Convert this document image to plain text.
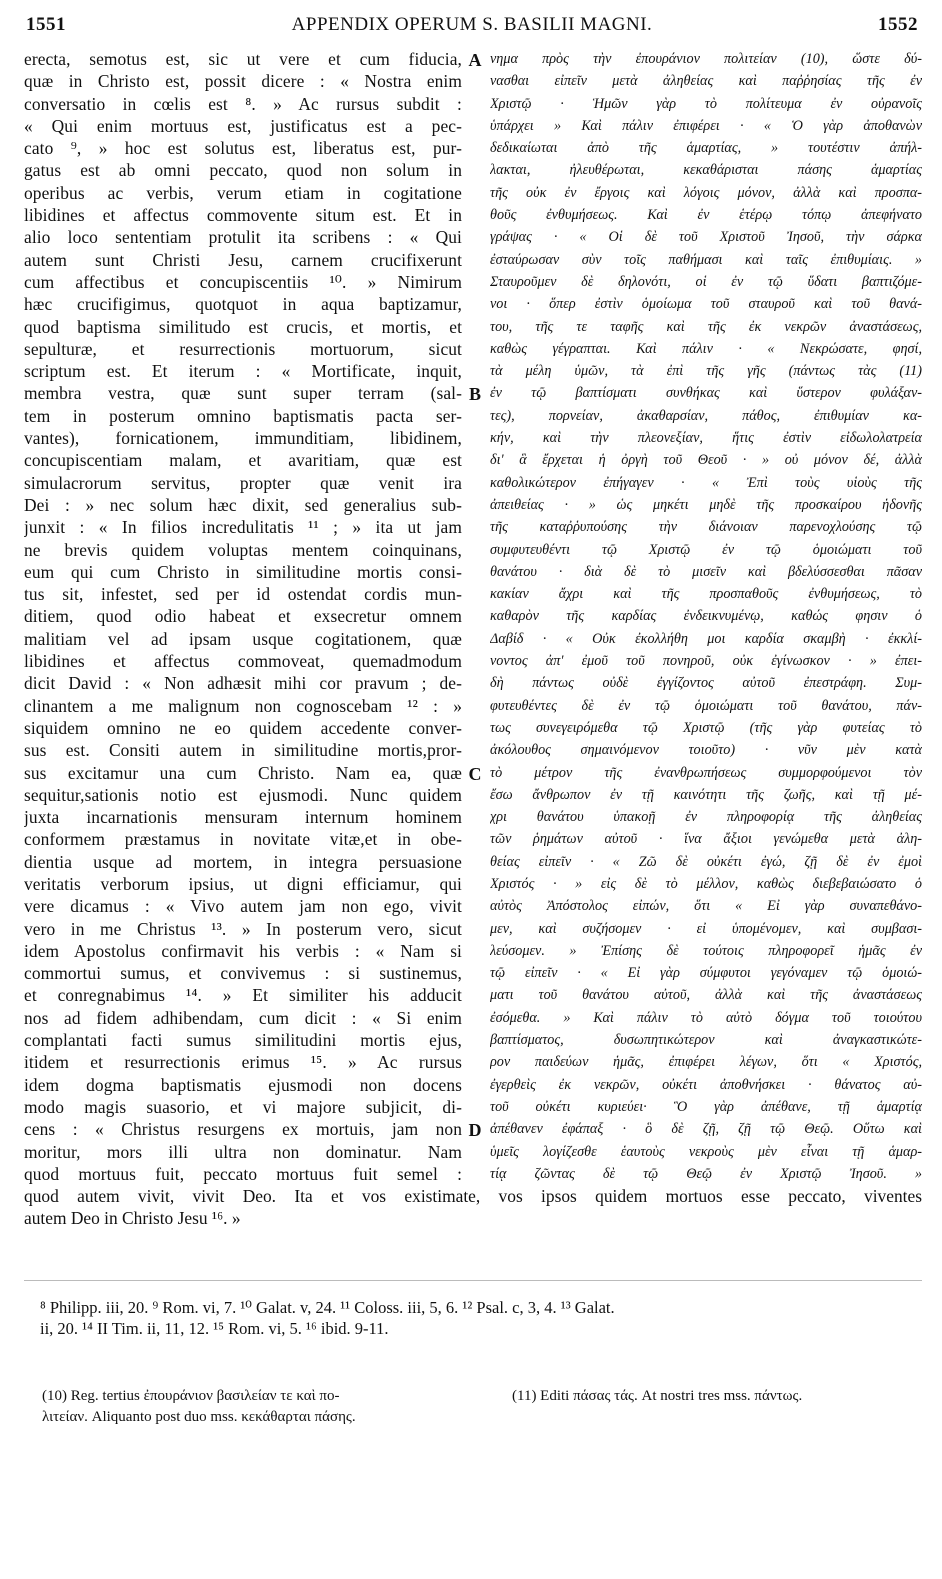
1551	APPENDIX OPERUM S. BASILII MAGNI.	1552

erecta, semotus est, sic ut vere et cum fiducia,

quæ in Christo est, possit dicere : « Nostra enim

conversatio in cœlis est ⁸. » Ac rursus subdit :

« Qui enim mortuus est, justificatus est a pec-

cato ⁹, » hoc est solutus est, liberatus est, pur-

gatus est ab omni peccato, quod non solum in

operibus ac verbis, verum etiam in cogitatione

libidines et affectus commovente situm est. Et in

alio loco sententiam protulit ita scribens : « Qui

autem sunt Christi Jesu, carnem crucifixerunt

cum affectibus et concupiscentiis ¹⁰. » Nimirum

hæc crucifigimus, quotquot in aqua baptizamur,

quod baptisma similitudo est crucis, et mortis, et

sepulturæ, et resurrectionis mortuorum, sicut

scriptum est. Et iterum : « Mortificate, inquit,

membra vestra, quæ sunt super terram (sal-

tem in posterum omnino baptismatis pacta ser-

vantes), fornicationem, immunditiam, libidinem,

concupiscentiam malam, et avaritiam, quæ est

simulacrorum servitus, propter quæ venit ira

Dei : » nec solum hæc dixit, sed generalius sub-

junxit : « In filios incredulitatis ¹¹ ; » ita ut jam

ne brevis quidem voluptas mentem coinquinans,

eum qui cum Christo in similitudine mortis consi-

tus sit, infestet, sed per id ostendat cordis mun-

ditiem, quod odio habeat et exsecretur omnem

malitiam vel ad ipsam usque cogitationem, quæ

libidines et affectus commoveat, quemadmodum

dicit David : « Non adhæsit mihi cor pravum ; de-

clinantem a me malignum non cognoscebam ¹² : »

siquidem omnino ne eo quidem accedente conver-

sus est. Consiti autem in similitudine mortis,pror-

sus excitamur una cum Christo. Nam ea, quæ

sequitur,sationis notio est ejusmodi. Nunc quidem

juxta incarnationis mensuram internum hominem

conformem præstamus in novitate vitæ,et in obe-

dientia usque ad mortem, in integra persuasione

veritatis verborum ipsius, ut digni efficiamur, qui

vere dicamus : « Vivo autem jam non ego, vivit

vero in me Christus ¹³. » In posterum vero, sicut

idem Apostolus confirmavit his verbis : « Nam si

commortui sumus, et convivemus : si sustinemus,

et conregnabimus ¹⁴. » Et similiter his adducit

nos ad fidem adhibendam, cum dicit : « Si enim

complantati facti sumus similitudini mortis ejus,

itidem et resurrectionis erimus ¹⁵. » Ac rursus

idem dogma baptismatis ejusmodi non docens

modo magis suasorio, et vi majore subjicit, di-

cens : « Christus resurgens ex mortuis, jam non

moritur, mors illi ultra non dominatur. Nam

quod mortuus fuit, peccato mortuus fuit semel :

νημα πρὸς τὴν ἐπουράνιον πολιτείαν (10), ὥστε δύ-

νασθαι εἰπεῖν μετὰ ἀληθείας καὶ παῤῥησίας τῆς ἐν

Χριστῷ · Ἡμῶν γὰρ τὸ πολίτευμα ἐν οὐρανοῖς

ὑπάρχει » Καὶ πάλιν ἐπιφέρει · « Ὁ γὰρ ἀποθανὼν

δεδικαίωται ἀπὸ τῆς ἁμαρτίας, » τουτέστιν ἀπήλ-

λακται, ἠλευθέρωται, κεκαθάρισται πάσης ἁμαρτίας

τῆς οὐκ ἐν ἔργοις καὶ λόγοις μόνον, ἀλλὰ καὶ προσπα-

θοῦς ἐνθυμήσεως. Καὶ ἐν ἑτέρῳ τόπῳ ἀπεφήνατο

γράψας · « Οἱ δὲ τοῦ Χριστοῦ Ἰησοῦ, τὴν σάρκα

ἐσταύρωσαν σὺν τοῖς παθήμασι καὶ ταῖς ἐπιθυμίαις. »

Σταυροῦμεν δὲ δηλονότι, οἱ ἐν τῷ ὕδατι βαπτιζόμε-

νοι · ὅπερ ἐστὶν ὁμοίωμα τοῦ σταυροῦ καὶ τοῦ θανά-

του, τῆς τε ταφῆς καὶ τῆς ἐκ νεκρῶν ἀναστάσεως,

καθὼς γέγραπται. Καὶ πάλιν · « Νεκρώσατε, φησί,

τὰ μέλη ὑμῶν, τὰ ἐπὶ τῆς γῆς (πάντως τὰς (11)

ἐν τῷ βαπτίσματι συνθήκας καὶ ὕστερον φυλάξαν-

τες), πορνείαν, ἀκαθαρσίαν, πάθος, ἐπιθυμίαν κα-

κήν, καὶ τὴν πλεονεξίαν, ἥτις ἐστὶν εἰδωλολατρεία

δι' ἃ ἔρχεται ἡ ὀργὴ τοῦ Θεοῦ · » οὐ μόνον δέ, ἀλλὰ

καθολικώτερον ἐπήγαγεν · « Ἐπὶ τοὺς υἱοὺς τῆς

ἀπειθείας · » ὡς μηκέτι μηδὲ τῆς προσκαίρου ἡδονῆς

τῆς καταῤῥυπούσης τὴν διάνοιαν παρενοχλούσης τῷ

συμφυτευθέντι τῷ Χριστῷ ἐν τῷ ὁμοιώματι τοῦ

θανάτου · διὰ δὲ τὸ μισεῖν καὶ βδελύσσεσθαι πᾶσαν

κακίαν ἄχρι καὶ τῆς προσπαθοῦς ἐνθυμήσεως, τὸ

καθαρὸν τῆς καρδίας ἐνδεικνυμένῳ, καθώς φησιν ὁ

Δαβίδ · « Οὐκ ἐκολλήθη μοι καρδία σκαμβὴ · ἐκκλί-

νοντος ἀπ' ἐμοῦ τοῦ πονηροῦ, οὐκ ἐγίνωσκον · » ἐπει-

δὴ πάντως οὐδὲ ἐγγίζοντος αὐτοῦ ἐπεστράφη. Συμ-

φυτευθέντες δὲ ἐν τῷ ὁμοιώματι τοῦ θανάτου, πάν-

τως συνεγειρόμεθα τῷ Χριστῷ (τῆς γὰρ φυτείας τὸ

ἀκόλουθος σημαινόμενον τοιοῦτο) · νῦν μὲν κατὰ

τὸ μέτρον τῆς ἐνανθρωπήσεως συμμορφούμενοι τὸν

ἔσω ἄνθρωπον ἐν τῇ καινότητι τῆς ζωῆς, καὶ τῇ μέ-

χρι θανάτου ὑπακοῇ ἐν πληροφορίᾳ τῆς ἀληθείας

τῶν ῥημάτων αὐτοῦ · ἵνα ἄξιοι γενώμεθα μετὰ ἀλη-

θείας εἰπεῖν · « Ζῶ δὲ οὐκέτι ἐγώ, ζῇ δὲ ἐν ἐμοὶ

Χριστός · » εἰς δὲ τὸ μέλλον, καθὼς διεβεβαιώσατο ὁ

αὐτὸς Ἀπόστολος εἰπών, ὅτι « Εἰ γὰρ συναπεθάνο-

μεν, καὶ συζήσομεν · εἰ ὑπομένομεν, καὶ συμβασι-

λεύσομεν. » Ἐπίσης δὲ τούτοις πληροφορεῖ ἡμᾶς ἐν

τῷ εἰπεῖν · « Εἰ γὰρ σύμφυτοι γεγόναμεν τῷ ὁμοιώ-

ματι τοῦ θανάτου αὐτοῦ, ἀλλὰ καὶ τῆς ἀναστάσεως

ἐσόμεθα. » Καὶ πάλιν τὸ αὐτὸ δόγμα τοῦ τοιούτου

βαπτίσματος, δυσωπητικώτερον καὶ ἀναγκαστικώτε-

ρον παιδεύων ἡμᾶς, ἐπιφέρει λέγων, ὅτι « Χριστός,

ἐγερθεὶς ἐκ νεκρῶν, οὐκέτι ἀποθνήσκει · θάνατος αὐ-

τοῦ οὐκέτι κυριεύει· Ὃ γὰρ ἀπέθανε, τῇ ἁμαρτίᾳ

ἀπέθανεν ἐφάπαξ · ὃ δὲ ζῇ, ζῇ τῷ Θεῷ. Οὕτω καὶ

ὑμεῖς λογίζεσθε ἑαυτοὺς νεκροὺς μὲν εἶναι τῇ ἁμαρ-

τίᾳ ζῶντας δὲ τῷ Θεῷ ἐν Χριστῷ Ἰησοῦ. »

A
B
C
D

quod autem vivit, vivit Deo. Ita et vos existimate, vos ipsos quidem mortuos esse peccato, viventes

autem Deo in Christo Jesu ¹⁶. »

⁸ Philipp. iii, 20. ⁹ Rom. vi, 7. ¹⁰ Galat. v, 24. ¹¹ Coloss. iii, 5, 6. ¹² Psal. c, 3, 4. ¹³ Galat.

ii, 20. ¹⁴ II Tim. ii, 11, 12. ¹⁵ Rom. vi, 5. ¹⁶ ibid. 9-11.

(10) Reg. tertius ἐπουράνιον βασιλείαν τε καὶ πο-

λιτείαν. Aliquanto post duo mss. κεκάθαρται πάσης.

(11) Editi πάσας τάς. At nostri tres mss. πάντως.
